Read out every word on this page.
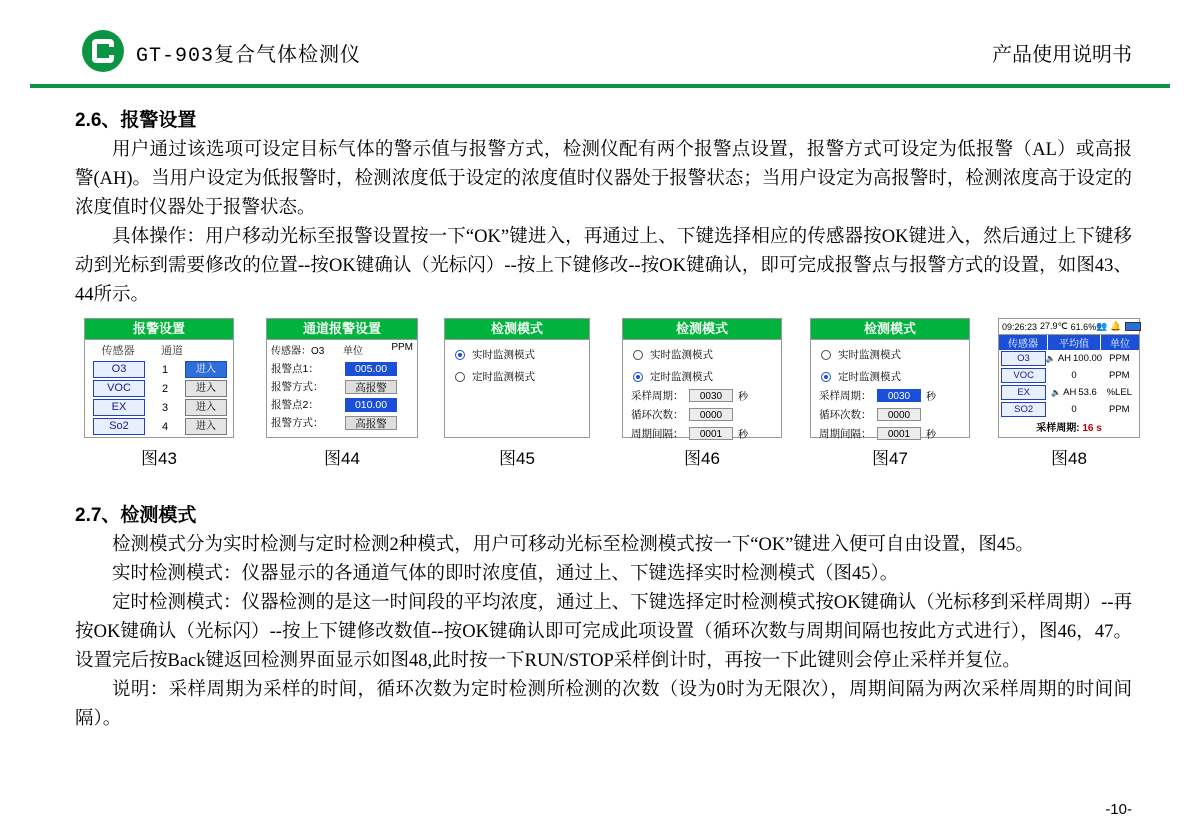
GT-903复合气体检测仪	产品使用说明书
2.6、报警设置

用户通过该选项可设定目标气体的警示值与报警方式，检测仪配有两个报警点设置，报警方式可设定为低报警（AL）或高报警(AH)。当用户设定为低报警时，检测浓度低于设定的浓度值时仪器处于报警状态；当用户设定为高报警时，检测浓度高于设定的浓度值时仪器处于报警状态。

具体操作：用户移动光标至报警设置按一下“OK”键进入，再通过上、下键选择相应的传感器按OK键进入，然后通过上下键移动到光标到需要修改的位置--按OK键确认（光标闪）--按上下键修改--按OK键确认，即可完成报警点与报警方式的设置，如图43、44所示。

报警设置
传感器	通道
O3	1	进入
VOC	2	进入
EX	3	进入
So2	4	进入
图43
通道报警设置
传感器：O3	单位	PPM
报警点1：	005.00
报警方式：	高报警
报警点2：	010.00
报警方式：	高报警
图44
检测模式
实时监测模式
定时监测模式
图45
检测模式
实时监测模式
定时监测模式
采样周期：	0030	秒
循环次数：	0000
周期间隔：	0001	秒
图46
检测模式
实时监测模式
定时监测模式
采样周期：	0030	秒
循环次数：	0000
周期间隔：	0001	秒
图47
09:26:23 27.9℃ 61.6% 👥 🔔
传感器	平均值	单位
O3	🔈 AH 100.00 PPM
VOC	0	PPM
EX	🔈 AH 53.6	%LEL
SO2	0	PPM
采样周期: 16 s
图48
2.7、检测模式

检测模式分为实时检测与定时检测2种模式，用户可移动光标至检测模式按一下“OK”键进入便可自由设置，图45。

实时检测模式：仪器显示的各通道气体的即时浓度值，通过上、下键选择实时检测模式（图45）。

定时检测模式：仪器检测的是这一时间段的平均浓度，通过上、下键选择定时检测模式按OK键确认（光标移到采样周期）--再按OK键确认（光标闪）--按上下键修改数值--按OK键确认即可完成此项设置（循环次数与周期间隔也按此方式进行），图46，47。设置完后按Back键返回检测界面显示如图48,此时按一下RUN/STOP采样倒计时，再按一下此键则会停止采样并复位。

说明：采样周期为采样的时间，循环次数为定时检测所检测的次数（设为0时为无限次），周期间隔为两次采样周期的时间间隔）。

-10-
